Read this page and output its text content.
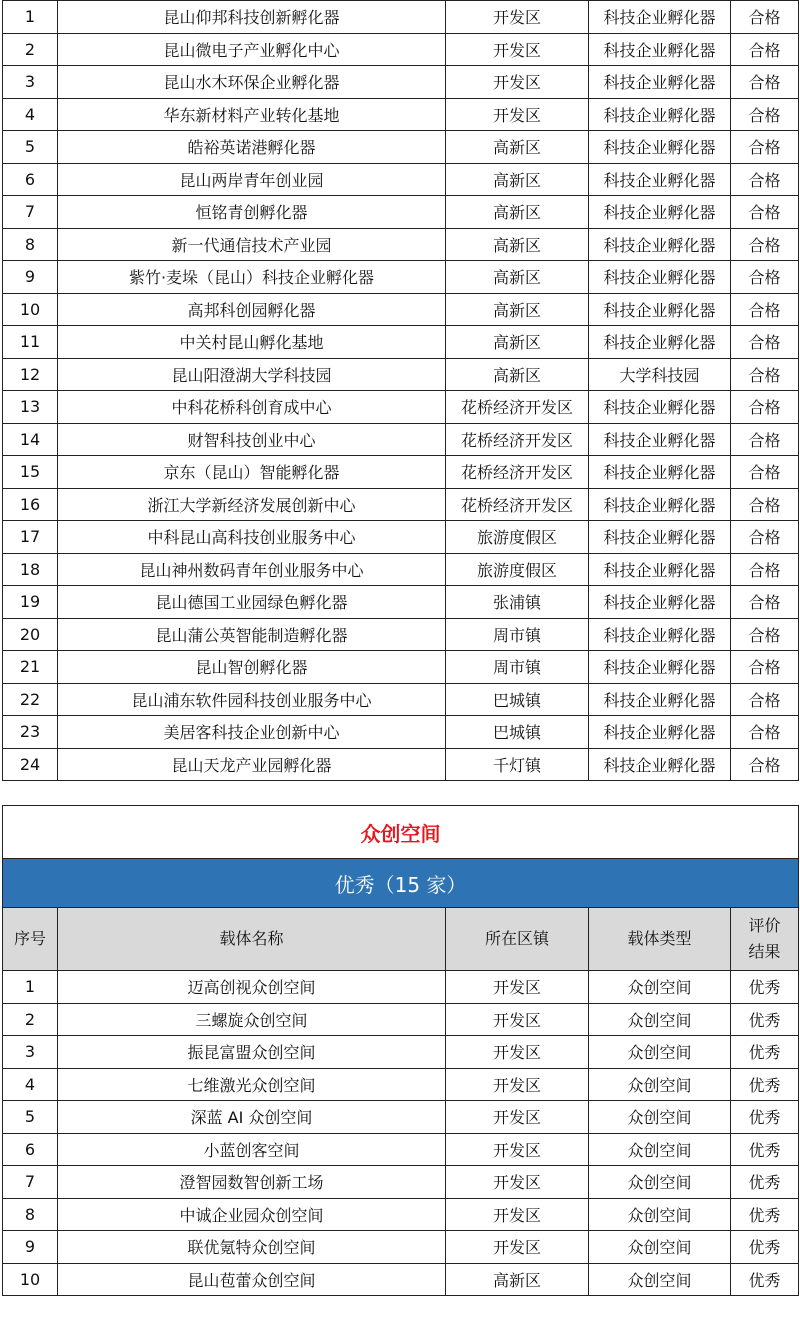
1	昆山仰邦科技创新孵化器	开发区	科技企业孵化器	合格
2	昆山微电子产业孵化中心	开发区	科技企业孵化器	合格
3	昆山水木环保企业孵化器	开发区	科技企业孵化器	合格
4	华东新材料产业转化基地	开发区	科技企业孵化器	合格
5	皓裕英诺港孵化器	高新区	科技企业孵化器	合格
6	昆山两岸青年创业园	高新区	科技企业孵化器	合格
7	恒铭青创孵化器	高新区	科技企业孵化器	合格
8	新一代通信技术产业园	高新区	科技企业孵化器	合格
9	紫竹·麦垛（昆山）科技企业孵化器	高新区	科技企业孵化器	合格
10	高邦科创园孵化器	高新区	科技企业孵化器	合格
11	中关村昆山孵化基地	高新区	科技企业孵化器	合格
12	昆山阳澄湖大学科技园	高新区	大学科技园	合格
13	中科花桥科创育成中心	花桥经济开发区	科技企业孵化器	合格
14	财智科技创业中心	花桥经济开发区	科技企业孵化器	合格
15	京东（昆山）智能孵化器	花桥经济开发区	科技企业孵化器	合格
16	浙江大学新经济发展创新中心	花桥经济开发区	科技企业孵化器	合格
17	中科昆山高科技创业服务中心	旅游度假区	科技企业孵化器	合格
18	昆山神州数码青年创业服务中心	旅游度假区	科技企业孵化器	合格
19	昆山德国工业园绿色孵化器	张浦镇	科技企业孵化器	合格
20	昆山蒲公英智能制造孵化器	周市镇	科技企业孵化器	合格
21	昆山智创孵化器	周市镇	科技企业孵化器	合格
22	昆山浦东软件园科技创业服务中心	巴城镇	科技企业孵化器	合格
23	美居客科技企业创新中心	巴城镇	科技企业孵化器	合格
24	昆山天龙产业园孵化器	千灯镇	科技企业孵化器	合格
众创空间				
优秀（15 家）				
序号	载体名称	所在区镇	载体类型	评价
结果

1	迈高创视众创空间	开发区	众创空间	优秀
2	三螺旋众创空间	开发区	众创空间	优秀
3	振昆富盟众创空间	开发区	众创空间	优秀
4	七维激光众创空间	开发区	众创空间	优秀
5	深蓝 AI 众创空间	开发区	众创空间	优秀
6	小蓝创客空间	开发区	众创空间	优秀
7	澄智园数智创新工场	开发区	众创空间	优秀
8	中诚企业园众创空间	开发区	众创空间	优秀
9	联优氪特众创空间	开发区	众创空间	优秀
10	昆山苞蕾众创空间	高新区	众创空间	优秀
